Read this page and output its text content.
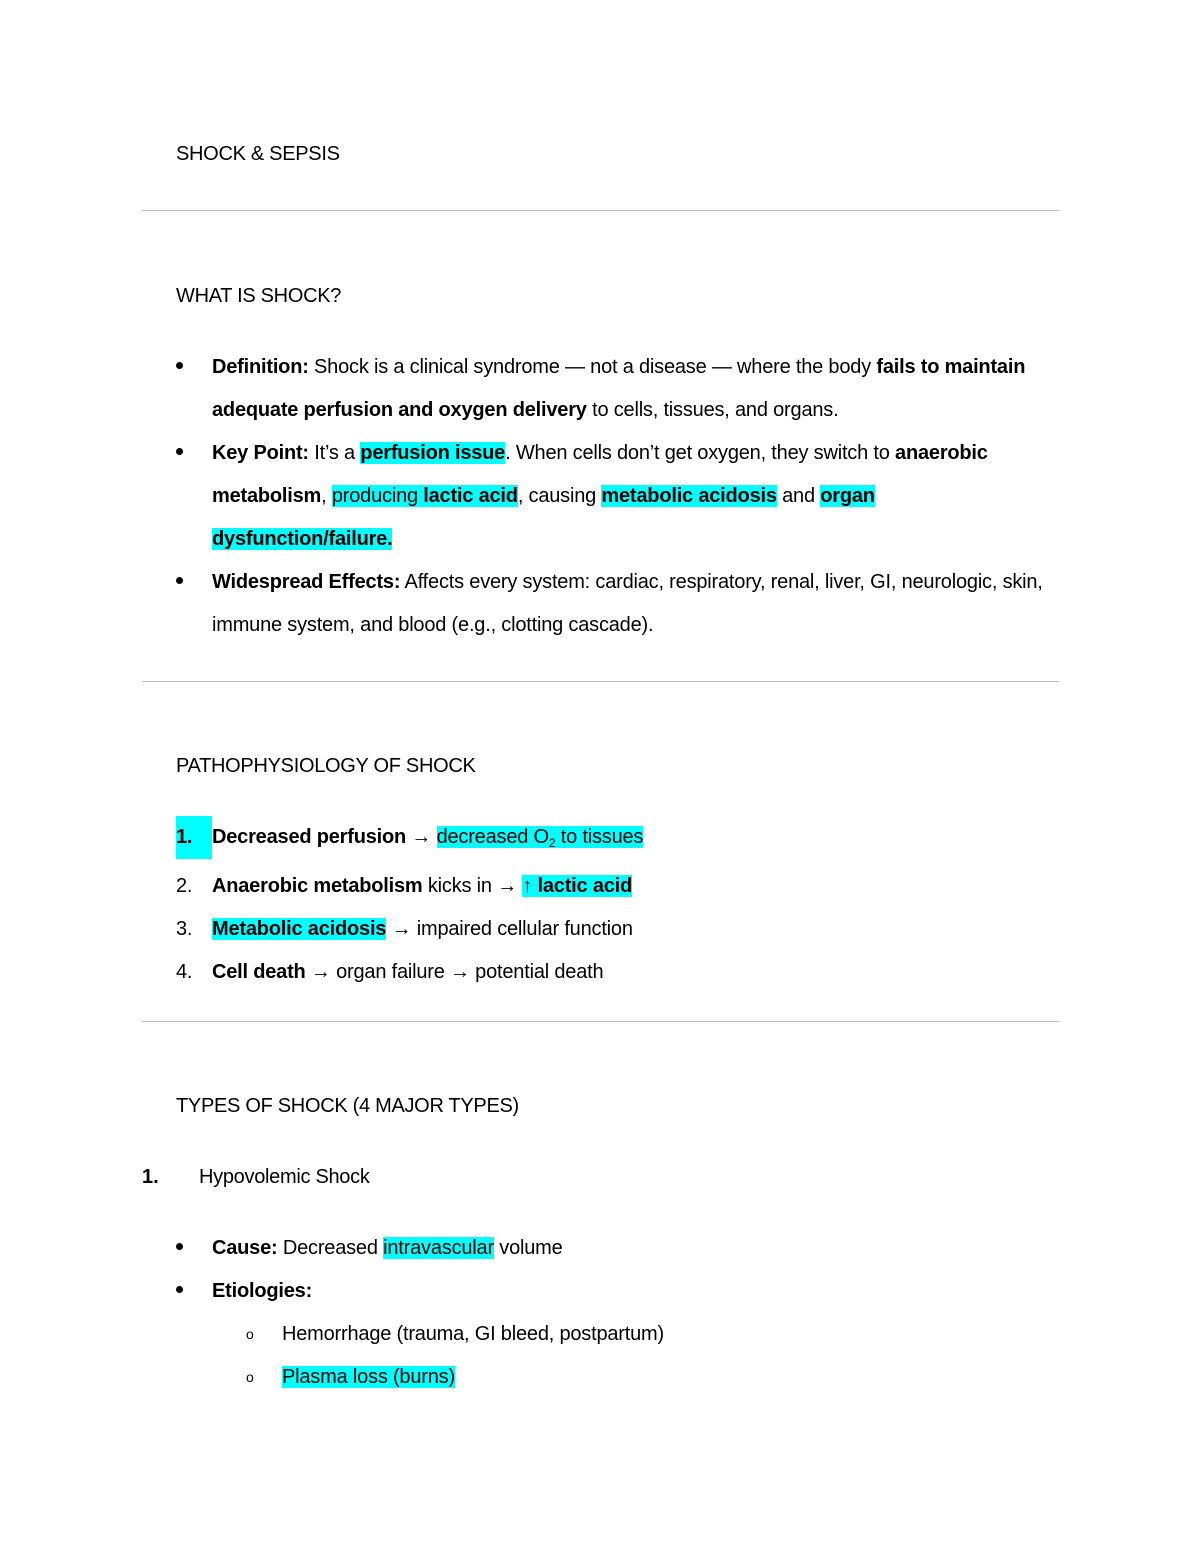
SHOCK & SEPSIS
WHAT IS SHOCK?
Definition: Shock is a clinical syndrome — not a disease — where the body fails to maintain adequate perfusion and oxygen delivery to cells, tissues, and organs.
Key Point: It’s a perfusion issue. When cells don’t get oxygen, they switch to anaerobic metabolism, producing lactic acid, causing metabolic acidosis and organ dysfunction/failure.
Widespread Effects: Affects every system: cardiac, respiratory, renal, liver, GI, neurologic, skin, immune system, and blood (e.g., clotting cascade).
PATHOPHYSIOLOGY OF SHOCK
1. Decreased perfusion → decreased $O_2$ to tissues
2. Anaerobic metabolism kicks in → ↑ lactic acid
3. Metabolic acidosis → impaired cellular function
4. Cell death → organ failure → potential death
TYPES OF SHOCK (4 MAJOR TYPES)
1. Hypovolemic Shock
Cause: Decreased intravascular volume
Etiologies:
o Hemorrhage (trauma, GI bleed, postpartum)
o Plasma loss (burns)
